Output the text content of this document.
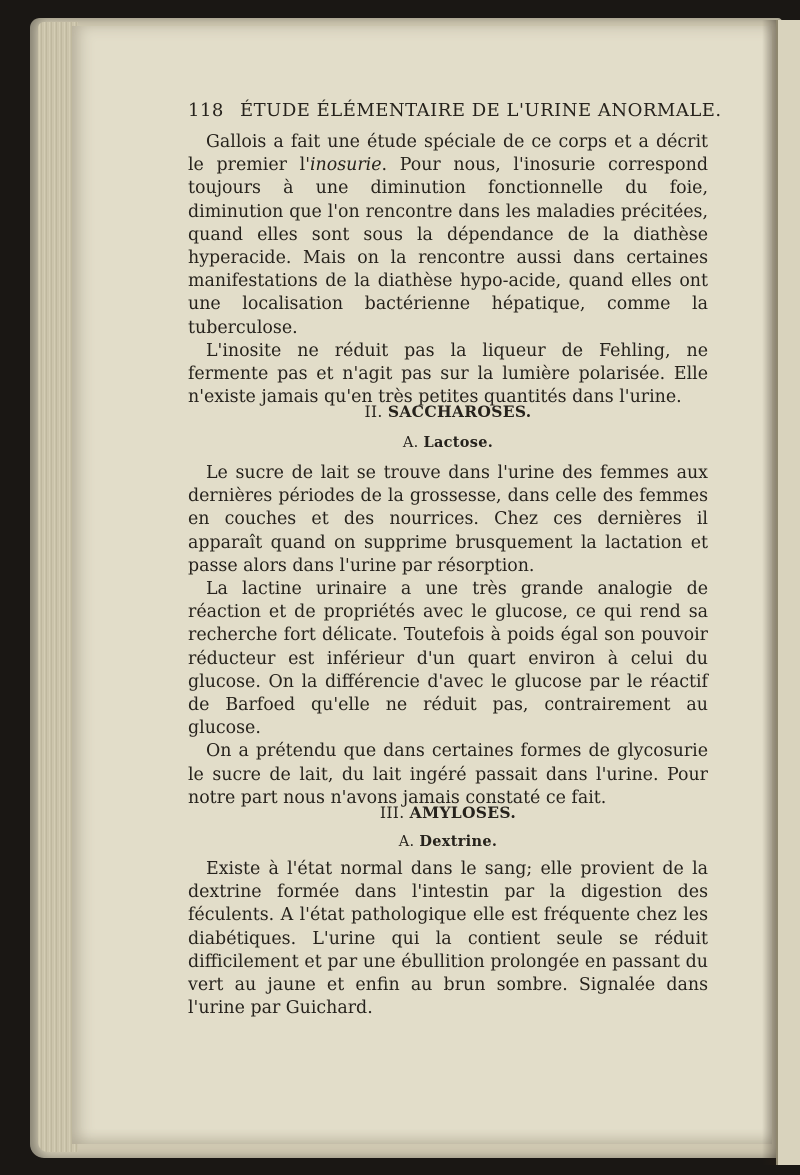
118 ÉTUDE ÉLÉMENTAIRE DE L'URINE ANORMALE.

Gallois a fait une étude spéciale de ce corps et a décrit le premier l'inosurie. Pour nous, l'inosurie correspond toujours à une diminution fonctionnelle du foie, diminution que l'on rencontre dans les maladies précitées, quand elles sont sous la dépendance de la diathèse hyperacide. Mais on la rencontre aussi dans certaines manifestations de la diathèse hypo-acide, quand elles ont une localisation bactérienne hépatique, comme la tuberculose.

L'inosite ne réduit pas la liqueur de Fehling, ne fermente pas et n'agit pas sur la lumière polarisée. Elle n'existe jamais qu'en très petites quantités dans l'urine.

II. SACCHAROSES.
A. Lactose.

Le sucre de lait se trouve dans l'urine des femmes aux dernières périodes de la grossesse, dans celle des femmes en couches et des nourrices. Chez ces dernières il apparaît quand on supprime brusquement la lactation et passe alors dans l'urine par résorption.

La lactine urinaire a une très grande analogie de réaction et de propriétés avec le glucose, ce qui rend sa recherche fort délicate. Toutefois à poids égal son pouvoir réducteur est inférieur d'un quart environ à celui du glucose. On la différencie d'avec le glucose par le réactif de Barfoed qu'elle ne réduit pas, contrairement au glucose.

On a prétendu que dans certaines formes de glycosurie le sucre de lait, du lait ingéré passait dans l'urine. Pour notre part nous n'avons jamais constaté ce fait.

III. AMYLOSES.
A. Dextrine.

Existe à l'état normal dans le sang; elle provient de la dextrine formée dans l'intestin par la digestion des féculents. A l'état pathologique elle est fréquente chez les diabétiques. L'urine qui la contient seule se réduit difficilement et par une ébullition prolongée en passant du vert au jaune et enfin au brun sombre. Signalée dans l'urine par Guichard.
